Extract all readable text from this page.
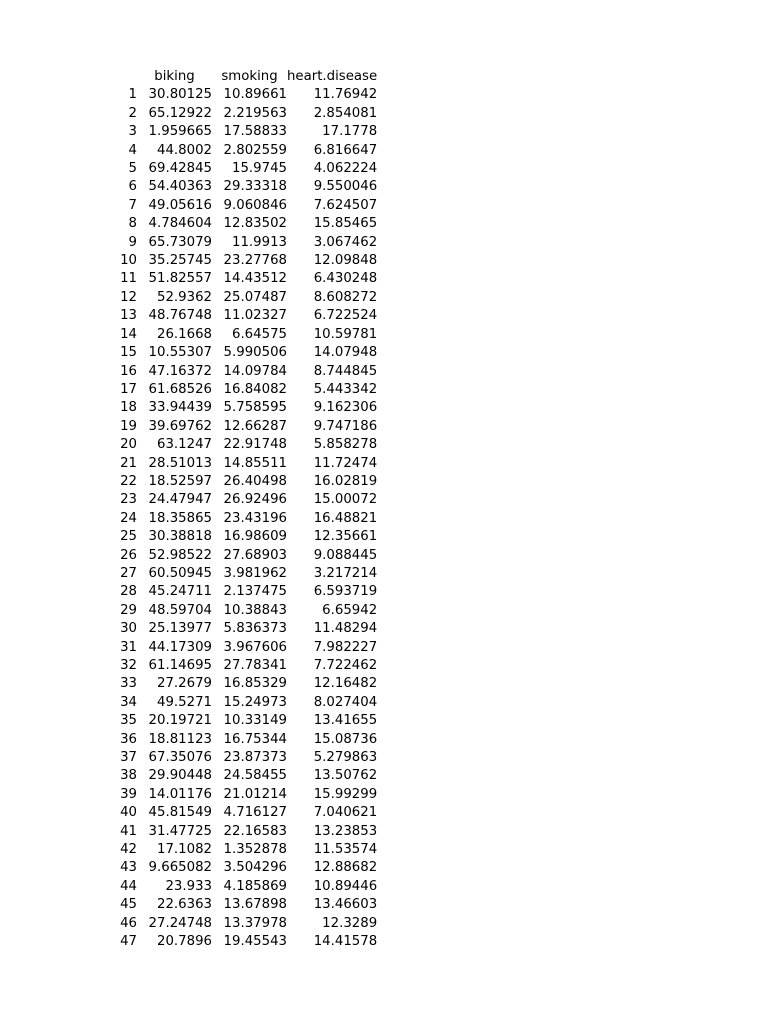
	biking	smoking	heart.disease
1	30.80125	10.89661	11.76942
2	65.12922	2.219563	2.854081
3	1.959665	17.58833	17.1778
4	44.8002	2.802559	6.816647
5	69.42845	15.9745	4.062224
6	54.40363	29.33318	9.550046
7	49.05616	9.060846	7.624507
8	4.784604	12.83502	15.85465
9	65.73079	11.9913	3.067462
10	35.25745	23.27768	12.09848
11	51.82557	14.43512	6.430248
12	52.9362	25.07487	8.608272
13	48.76748	11.02327	6.722524
14	26.1668	6.64575	10.59781
15	10.55307	5.990506	14.07948
16	47.16372	14.09784	8.744845
17	61.68526	16.84082	5.443342
18	33.94439	5.758595	9.162306
19	39.69762	12.66287	9.747186
20	63.1247	22.91748	5.858278
21	28.51013	14.85511	11.72474
22	18.52597	26.40498	16.02819
23	24.47947	26.92496	15.00072
24	18.35865	23.43196	16.48821
25	30.38818	16.98609	12.35661
26	52.98522	27.68903	9.088445
27	60.50945	3.981962	3.217214
28	45.24711	2.137475	6.593719
29	48.59704	10.38843	6.65942
30	25.13977	5.836373	11.48294
31	44.17309	3.967606	7.982227
32	61.14695	27.78341	7.722462
33	27.2679	16.85329	12.16482
34	49.5271	15.24973	8.027404
35	20.19721	10.33149	13.41655
36	18.81123	16.75344	15.08736
37	67.35076	23.87373	5.279863
38	29.90448	24.58455	13.50762
39	14.01176	21.01214	15.99299
40	45.81549	4.716127	7.040621
41	31.47725	22.16583	13.23853
42	17.1082	1.352878	11.53574
43	9.665082	3.504296	12.88682
44	23.933	4.185869	10.89446
45	22.6363	13.67898	13.46603
46	27.24748	13.37978	12.3289
47	20.7896	19.45543	14.41578
